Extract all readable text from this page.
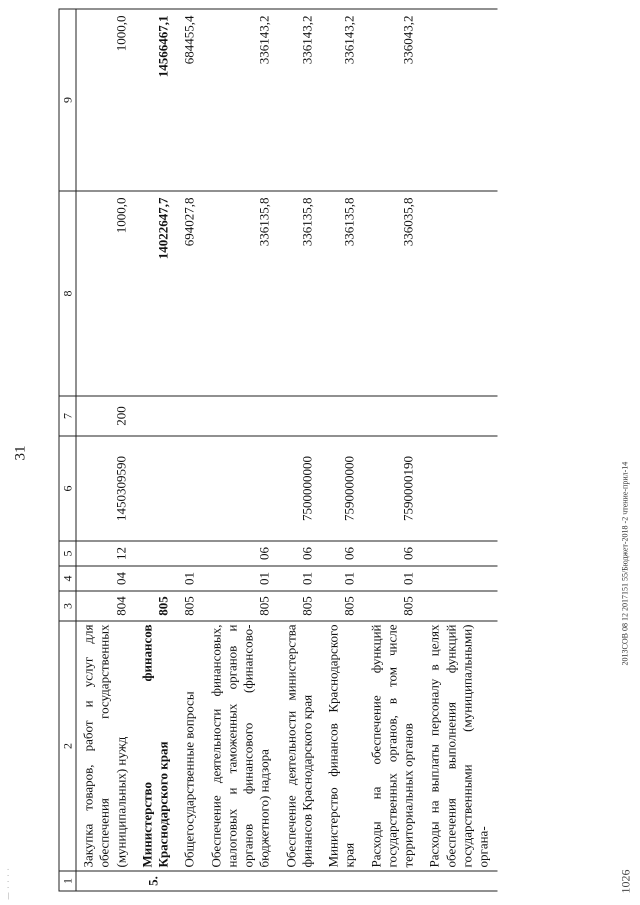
— · · · ·
31
1	2	3	4	5	6	7	8	9
	Закупка товаров, работ и услуг для обеспечения государственных (муниципальных) нужд	804	04	12	1450309590	200	1000,0	1000,0
5.	Министерство финансов Краснодарского края	805					14022647,7	14566467,1
	Общегосударственные вопросы	805	01				694027,8	684455,4
	Обеспечение деятельности финансовых, налоговых и таможенных органов и органов финансового (финансово-бюджетного) надзора	805	01	06			336135,8	336143,2
	Обеспечение деятельности министерства финансов Краснодарского края	805	01	06	7500000000		336135,8	336143,2
	Министерство финансов Краснодарского края	805	01	06	7590000000		336135,8	336143,2
	Расходы на обеспечение функций государственных органов, в том числе территориальных органов	805	01	06	7590000190		336035,8	336043,2
	Расходы на выплаты персоналу в целях обеспечения выполнения функций государственными (муниципальными) органа-							
2013COB 08 12 2017151 55/Бюджет-2018 -2 чтение-прил-14
1026
